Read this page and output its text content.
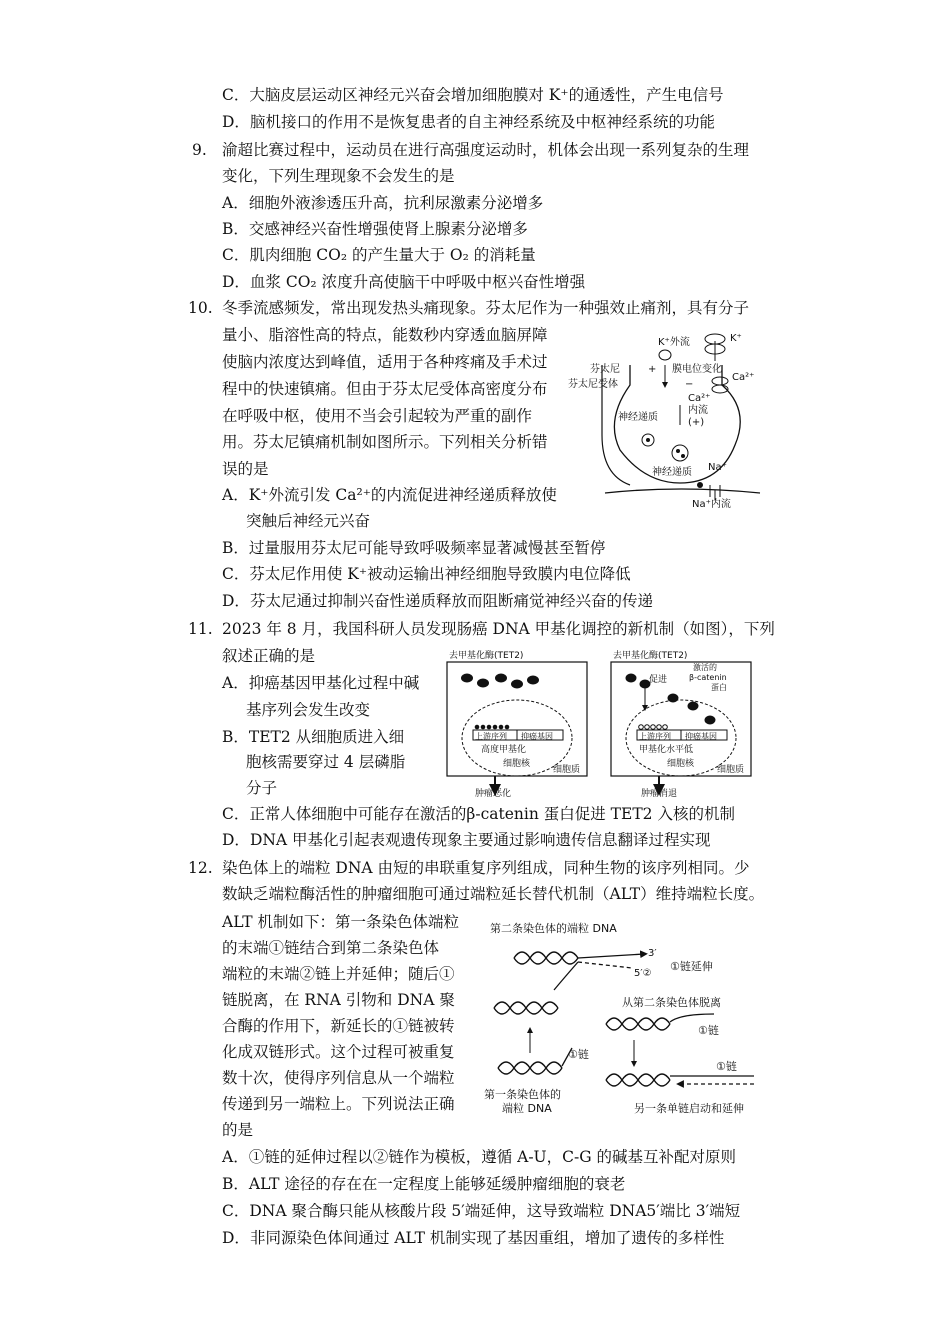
C．大脑皮层运动区神经元兴奋会增加细胞膜对 K⁺的通透性，产生电信号
D．脑机接口的作用不是恢复患者的自主神经系统及中枢神经系统的功能
9. 渝超比赛过程中，运动员在进行高强度运动时，机体会出现一系列复杂的生理
变化，下列生理现象不会发生的是
A．细胞外液渗透压升高，抗利尿激素分泌增多
B．交感神经兴奋性增强使肾上腺素分泌增多
C．肌肉细胞 CO₂ 的产生量大于 O₂ 的消耗量
D．血浆 CO₂ 浓度升高使脑干中呼吸中枢兴奋性增强
10. 冬季流感频发，常出现发热头痛现象。芬太尼作为一种强效止痛剂，具有分子
量小、脂溶性高的特点，能数秒内穿透血脑屏障
使脑内浓度达到峰值，适用于各种疼痛及手术过
程中的快速镇痛。但由于芬太尼受体高密度分布
在呼吸中枢，使用不当会引起较为严重的副作
用。芬太尼镇痛机制如图所示。下列相关分析错
误的是
A．K⁺外流引发 Ca²⁺的内流促进神经递质释放使
突触后神经元兴奋
B．过量服用芬太尼可能导致呼吸频率显著减慢甚至暂停
C．芬太尼作用使 K⁺被动运输出神经细胞导致膜内电位降低
D．芬太尼通过抑制兴奋性递质释放而阻断痛觉神经兴奋的传递
K⁺外流	K⁺
+ 膜电位变化
芬太尼
芬太尼受体	−
Ca²⁺
Ca²⁺
内流
(+)
神经递质
神经递质 Na⁺
Na⁺内流
11. 2023 年 8 月，我国科研人员发现肠癌 DNA 甲基化调控的新机制（如图），下列
叙述正确的是
A．抑癌基因甲基化过程中碱
基序列会发生改变
B．TET2 从细胞质进入细
胞核需要穿过 4 层磷脂
分子
C．正常人体细胞中可能存在激活的β-catenin 蛋白促进 TET2 入核的机制
D．DNA 甲基化引起表观遗传现象主要通过影响遗传信息翻译过程实现
去甲基化酶(TET2)
上游序列 抑癌基因
高度甲基化
细胞核
细胞质
肿瘤恶化
去甲基化酶(TET2)
促进
激活的
β-catenin
蛋白
上游序列 抑癌基因
甲基化水平低
细胞核
细胞质
肿瘤消退
12. 染色体上的端粒 DNA 由短的串联重复序列组成，同种生物的该序列相同。少
数缺乏端粒酶活性的肿瘤细胞可通过端粒延长替代机制（ALT）维持端粒长度。
ALT 机制如下：第一条染色体端粒
的末端①链结合到第二条染色体
端粒的末端②链上并延伸；随后①
链脱离，在 RNA 引物和 DNA 聚
合酶的作用下，新延长的①链被转
化成双链形式。这个过程可被重复
数十次，使得序列信息从一个端粒
传递到另一端粒上。下列说法正确
的是
A．①链的延伸过程以②链作为模板，遵循 A-U，C-G 的碱基互补配对原则
B．ALT 途径的存在在一定程度上能够延缓肿瘤细胞的衰老
C．DNA 聚合酶只能从核酸片段 5′端延伸，这导致端粒 DNA5′端比 3′端短
D．非同源染色体间通过 ALT 机制实现了基因重组，增加了遗传的多样性
第二条染色体的端粒 DNA
3′
5′②
①链延伸
从第二条染色体脱离
①链
①链
①链
第一条染色体的
端粒 DNA	另一条单链启动和延伸
